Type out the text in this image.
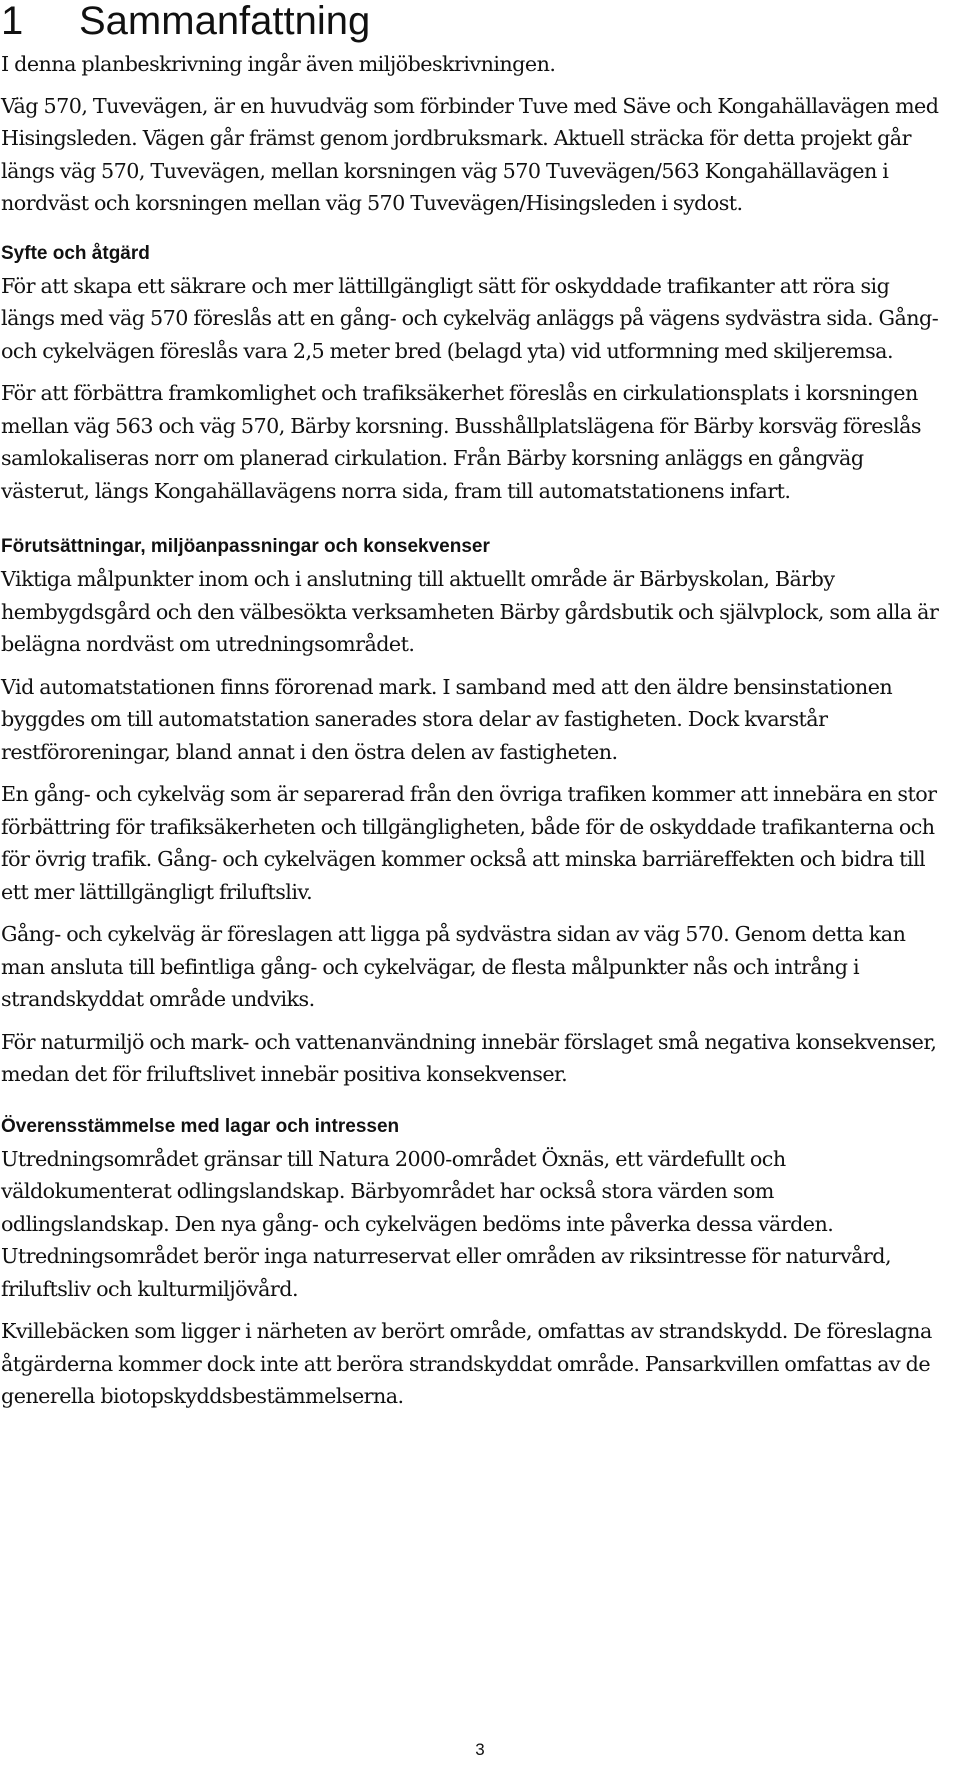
1 Sammanfattning

I denna planbeskrivning ingår även miljöbeskrivningen.

Väg 570, Tuvevägen, är en huvudväg som förbinder Tuve med Säve och Kongahällavägen med Hisingsleden. Vägen går främst genom jordbruksmark. Aktuell sträcka för detta projekt går längs väg 570, Tuvevägen, mellan korsningen väg 570 Tuvevägen/563 Kongahällavägen i nordväst och korsningen mellan väg 570 Tuvevägen/Hisingsleden i sydost.

Syfte och åtgärd

För att skapa ett säkrare och mer lättillgängligt sätt för oskyddade trafikanter att röra sig längs med väg 570 föreslås att en gång- och cykelväg anläggs på vägens sydvästra sida. Gång- och cykelvägen föreslås vara 2,5 meter bred (belagd yta) vid utformning med skiljeremsa.

För att förbättra framkomlighet och trafiksäkerhet föreslås en cirkulationsplats i korsningen mellan väg 563 och väg 570, Bärby korsning. Busshållplatslägena för Bärby korsväg föreslås samlokaliseras norr om planerad cirkulation. Från Bärby korsning anläggs en gångväg västerut, längs Kongahällavägens norra sida, fram till automatstationens infart.

Förutsättningar, miljöanpassningar och konsekvenser

Viktiga målpunkter inom och i anslutning till aktuellt område är Bärbyskolan, Bärby hembygdsgård och den välbesökta verksamheten Bärby gårdsbutik och självplock, som alla är belägna nordväst om utredningsområdet.

Vid automatstationen finns förorenad mark. I samband med att den äldre bensinstationen byggdes om till automatstation sanerades stora delar av fastigheten. Dock kvarstår restföroreningar, bland annat i den östra delen av fastigheten.

En gång- och cykelväg som är separerad från den övriga trafiken kommer att innebära en stor förbättring för trafiksäkerheten och tillgängligheten, både för de oskyddade trafikanterna och för övrig trafik. Gång- och cykelvägen kommer också att minska barriäreffekten och bidra till ett mer lättillgängligt friluftsliv.

Gång- och cykelväg är föreslagen att ligga på sydvästra sidan av väg 570. Genom detta kan man ansluta till befintliga gång- och cykelvägar, de flesta målpunkter nås och intrång i strandskyddat område undviks.

För naturmiljö och mark- och vattenanvändning innebär förslaget små negativa konsekvenser, medan det för friluftslivet innebär positiva konsekvenser.

Överensstämmelse med lagar och intressen

Utredningsområdet gränsar till Natura 2000-området Öxnäs, ett värdefullt och väldokumenterat odlingslandskap. Bärbyområdet har också stora värden som odlingslandskap. Den nya gång- och cykelvägen bedöms inte påverka dessa värden. Utredningsområdet berör inga naturreservat eller områden av riksintresse för naturvård, friluftsliv och kulturmiljövård.

Kvillebäcken som ligger i närheten av berört område, omfattas av strandskydd. De föreslagna åtgärderna kommer dock inte att beröra strandskyddat område. Pansarkvillen omfattas av de generella biotopskyddsbestämmelserna.

3
